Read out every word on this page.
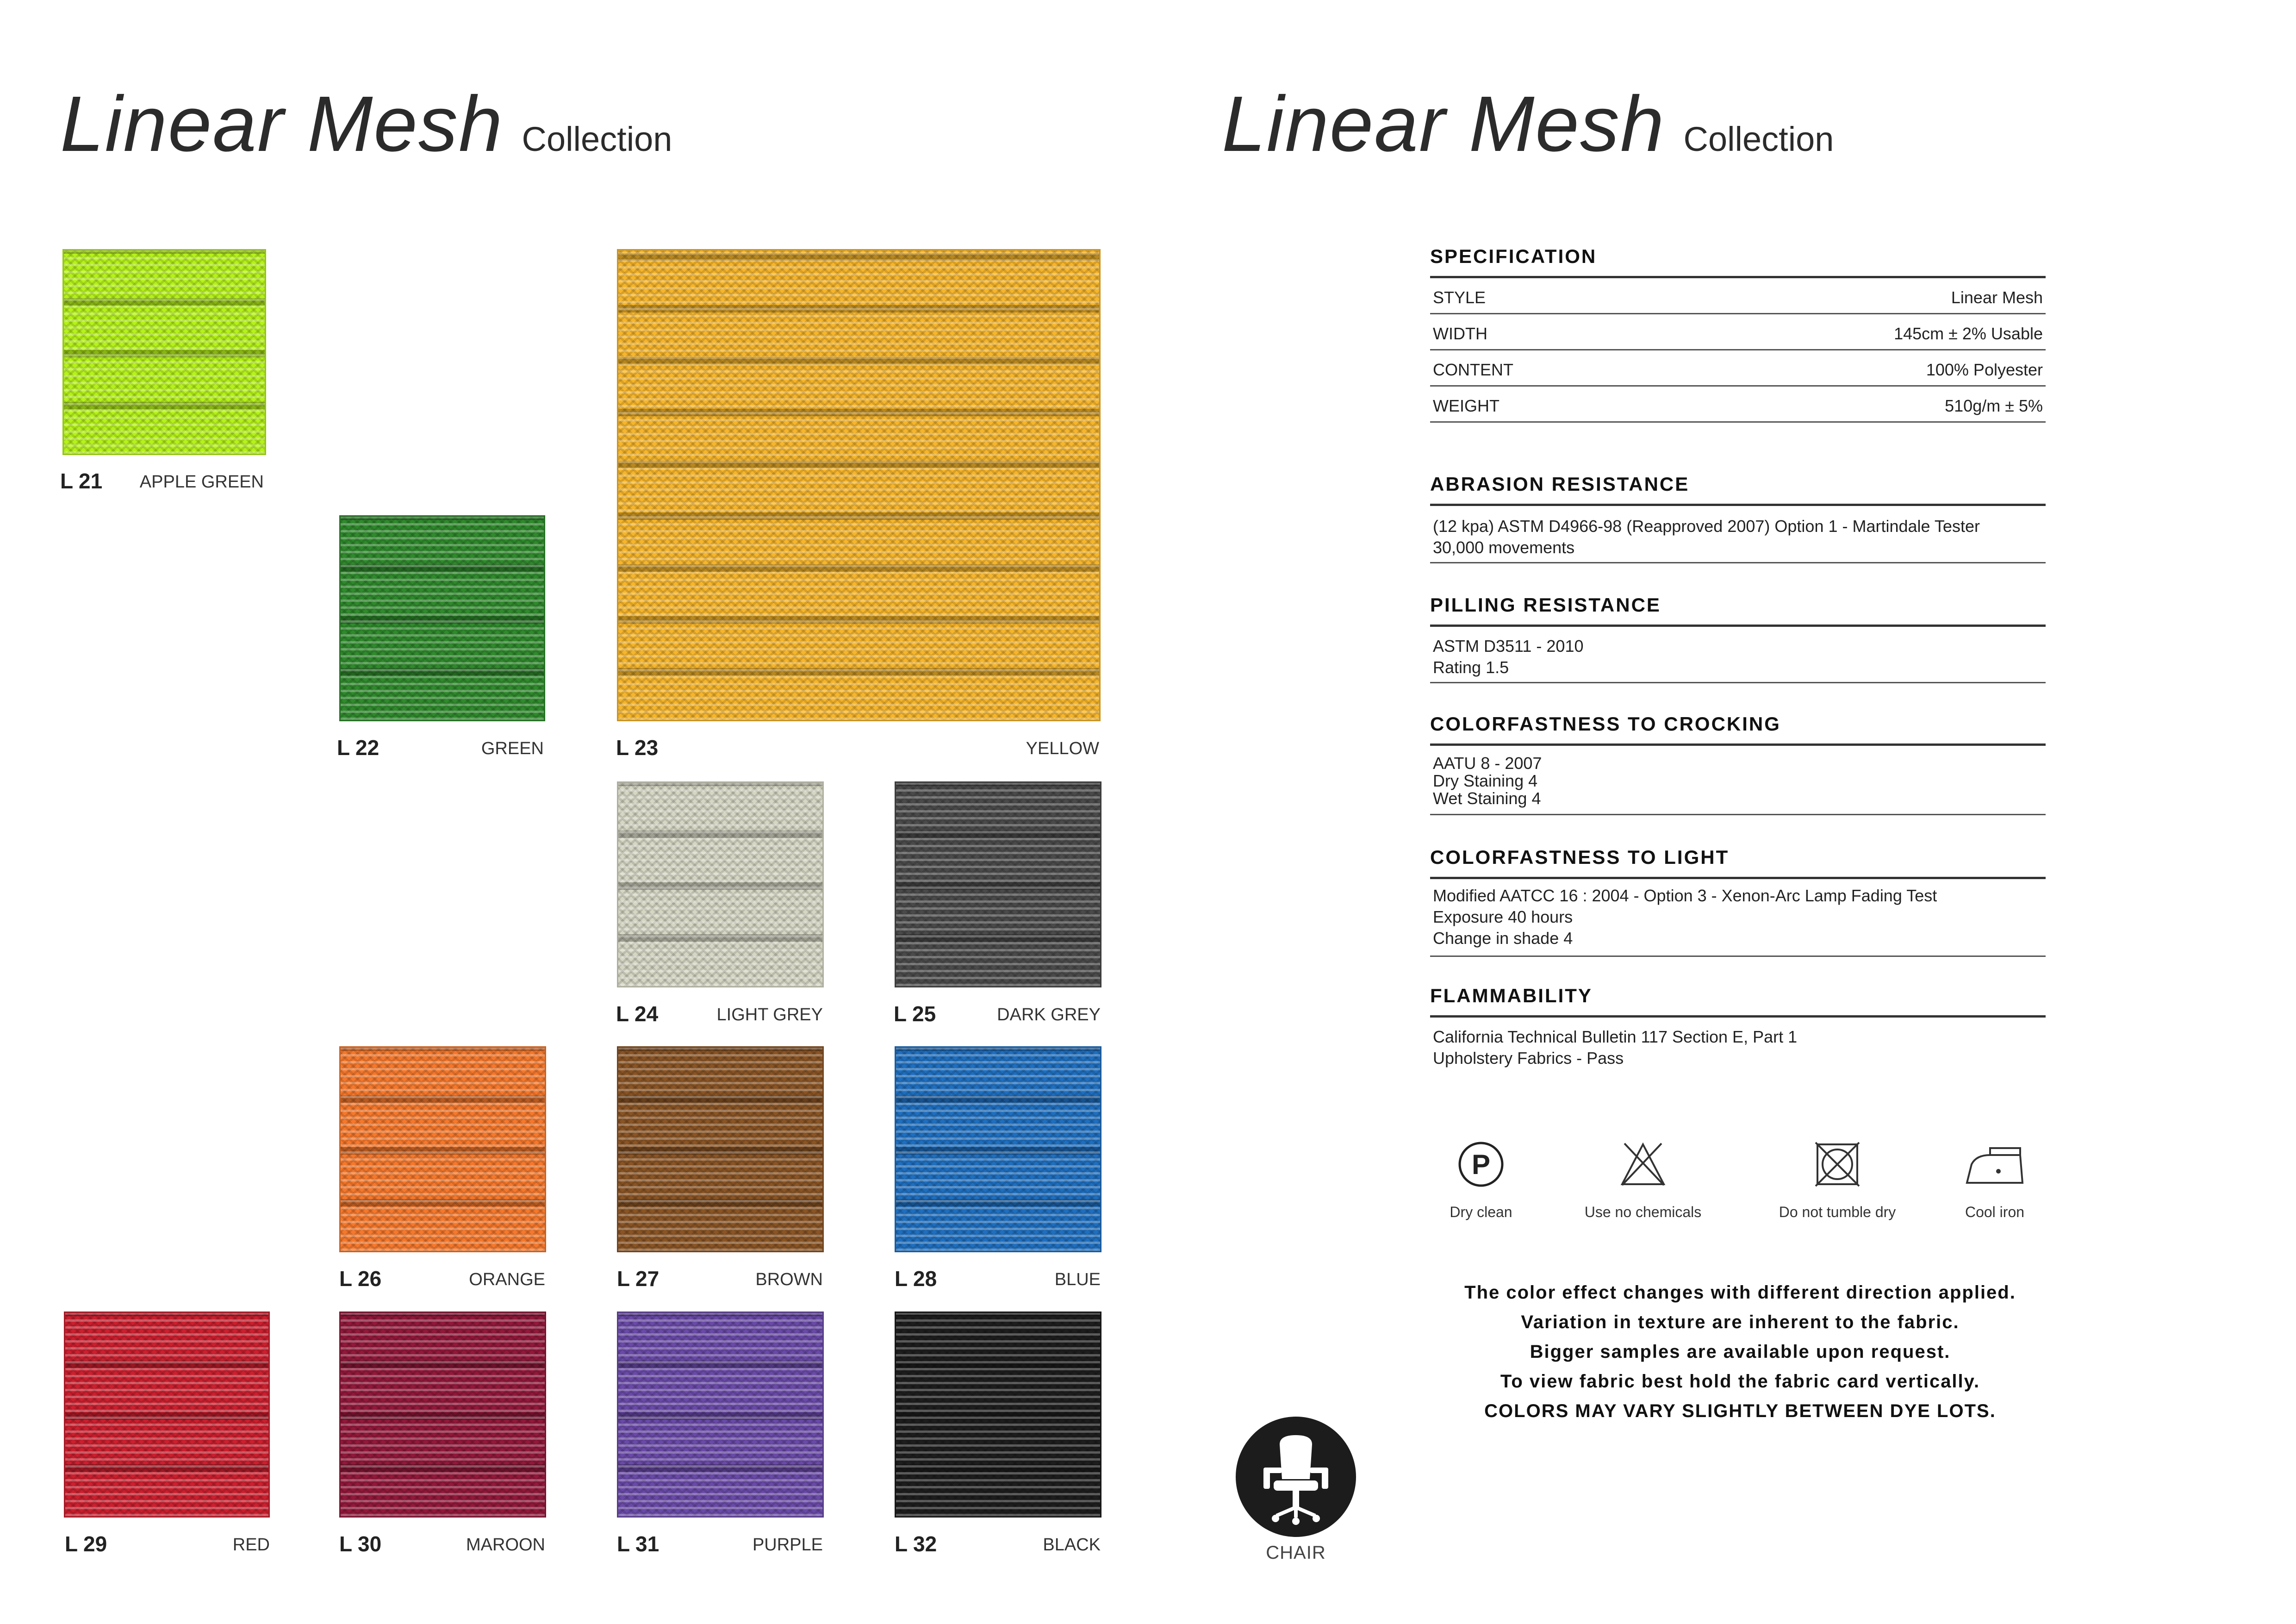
Linear Mesh Collection	Linear Mesh Collection
L 21	APPLE GREEN
L 22	GREEN	L 23	YELLOW
L 24	LIGHT GREY	L 25	DARK GREY
L 26	ORANGE	L 27	BROWN	L 28	BLUE
L 29	RED	L 30	MAROON	L 31	PURPLE	L 32	BLACK
SPECIFICATION
STYLE	Linear Mesh
WIDTH	145cm ± 2% Usable
CONTENT	100% Polyester
WEIGHT	510g/m ± 5%
ABRASION RESISTANCE
(12 kpa) ASTM D4966-98 (Reapproved 2007) Option 1 - Martindale Tester
30,000 movements
PILLING RESISTANCE
ASTM D3511 - 2010
Rating 1.5
COLORFASTNESS TO CROCKING
AATU 8 - 2007
Dry Staining 4
Wet Staining 4
COLORFASTNESS TO LIGHT
Modified AATCC 16 : 2004 - Option 3 - Xenon-Arc Lamp Fading Test
Exposure 40 hours
Change in shade 4
FLAMMABILITY
California Technical Bulletin 117 Section E, Part 1
Upholstery Fabrics - Pass
P
Dry clean	Use no chemicals	Do not tumble dry	Cool iron
The color effect changes with different direction applied.
Variation in texture are inherent to the fabric.
Bigger samples are available upon request.
To view fabric best hold the fabric card vertically.
COLORS MAY VARY SLIGHTLY BETWEEN DYE LOTS.
CHAIR
